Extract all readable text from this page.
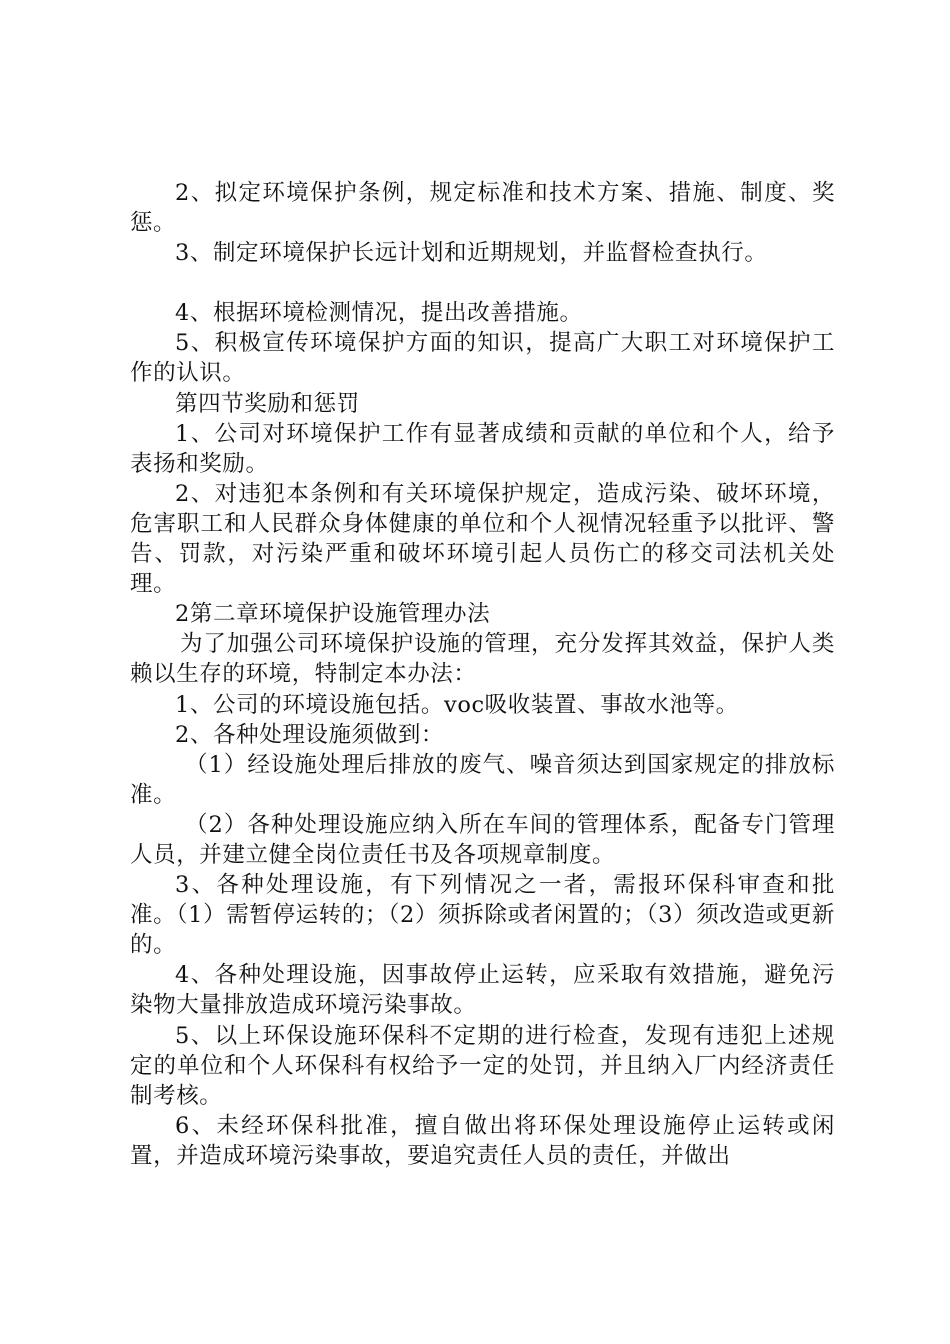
2、拟定环境保护条例，规定标准和技术方案、措施、制度、奖惩。

3、制定环境保护长远计划和近期规划，并监督检查执行。

4、根据环境检测情况，提出改善措施。

5、积极宣传环境保护方面的知识，提高广大职工对环境保护工作的认识。

第四节奖励和惩罚

1、公司对环境保护工作有显著成绩和贡献的单位和个人，给予表扬和奖励。

2、对违犯本条例和有关环境保护规定，造成污染、破坏环境，危害职工和人民群众身体健康的单位和个人视情况轻重予以批评、警告、罚款，对污染严重和破坏环境引起人员伤亡的移交司法机关处理。

2第二章环境保护设施管理办法

为了加强公司环境保护设施的管理，充分发挥其效益，保护人类赖以生存的环境，特制定本办法：

1、公司的环境设施包括。voc吸收装置、事故水池等。

2、各种处理设施须做到：

（1）经设施处理后排放的废气、噪音须达到国家规定的排放标准。

（2）各种处理设施应纳入所在车间的管理体系，配备专门管理人员，并建立健全岗位责任书及各项规章制度。

3、各种处理设施，有下列情况之一者，需报环保科审查和批准。（1）需暂停运转的；（2）须拆除或者闲置的；（3）须改造或更新的。

4、各种处理设施，因事故停止运转，应采取有效措施，避免污染物大量排放造成环境污染事故。

5、以上环保设施环保科不定期的进行检查，发现有违犯上述规定的单位和个人环保科有权给予一定的处罚，并且纳入厂内经济责任制考核。

6、未经环保科批准，擅自做出将环保处理设施停止运转或闲置，并造成环境污染事故，要追究责任人员的责任，并做出
